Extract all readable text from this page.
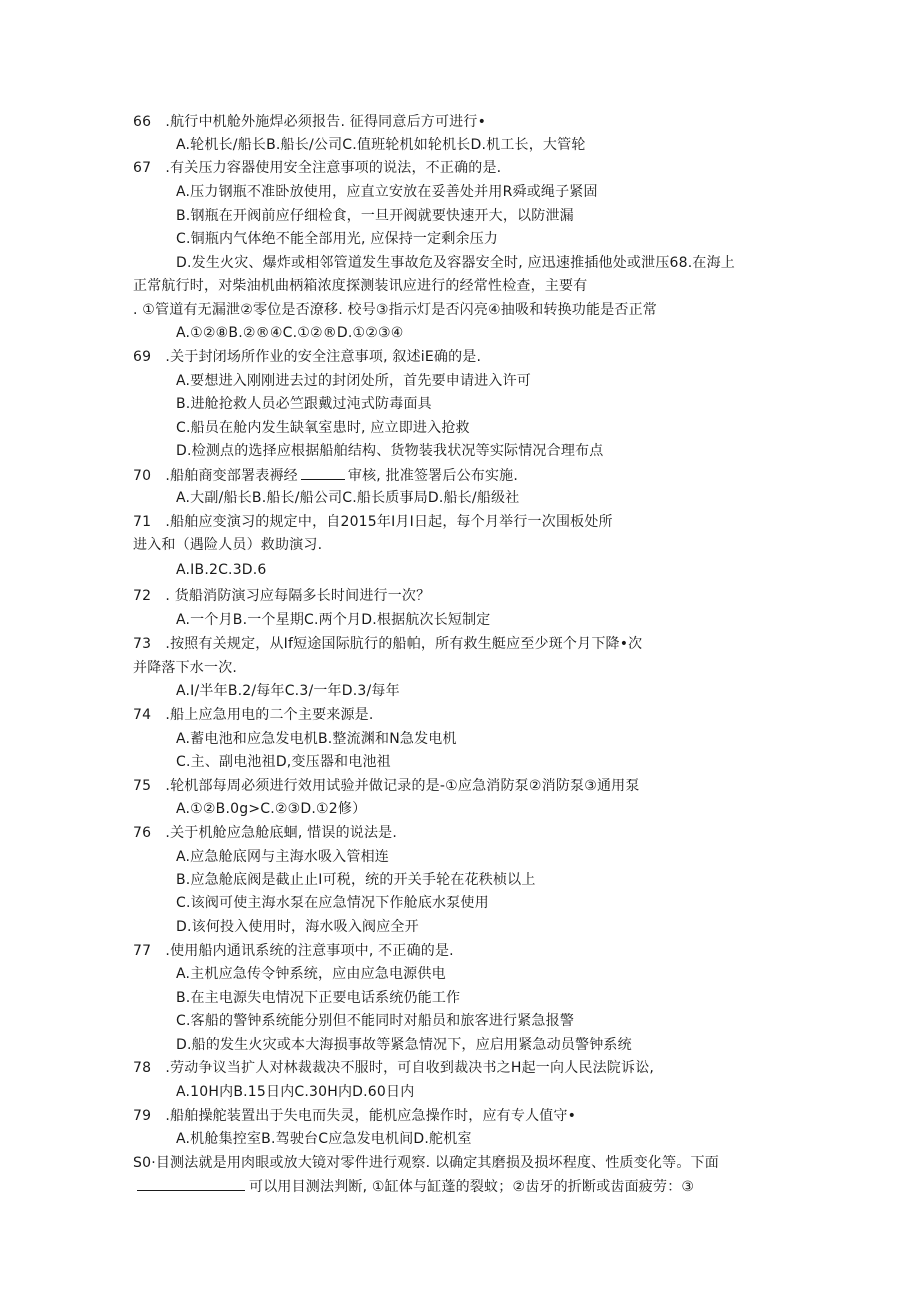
66　.航行中机舱外施焊必须报告. 征得同意后方可进行•
A.轮机长/船长B.船长/公司C.值班轮机如轮机长D.机工长，大管轮
67　.有关压力容器使用安全注意事项的说法，不正确的是.
A.压力钢瓶不准卧放使用，应直立安放在妥善处并用R舜或绳子紧固
B.钢瓶在开阀前应仔细检食，一旦开阀就要快速开大，以防泄漏
C.铜瓶内气体绝不能全部用光, 应保持一定剩余压力
D.发生火灾、爆炸或相邻管道发生事故危及容器安全时, 应迅速推插他处或泄压68.在海上
正常航行时，对柴油机曲柄箱浓度探测装讯应进行的经常性检查，主要有
. ①管道有无漏泄②零位是否潦移. 校号③指示灯是否闪亮④抽吸和转换功能是否正常
A.①②⑧B.②®④C.①②®D.①②③④
69　.关于封闭场所作业的安全注意事项, 叙述iE确的是.
A.要想进入刚刚进去过的封闭处所，首先要申请进入许可
B.进舱抢救人员必竺跟戴过沌式防毒面具
C.船员在舱内发生缺氧室患时, 应立即进入抢救
D.检测点的选择应根据船舶结构、货物装我状况等实际情况合理布点
70　.船舶商变部署表褥经	审核, 批准签署后公布实施.
A.大副/船长B.船长/船公司C.船长质事局D.船长/船级社
71　.船舶应变演习的规定中，自2015年I月I日起，每个月举行一次围板处所
进入和（遇险人员）救助演习.
A.IB.2C.3D.6
72　. 货船消防演习应每隔多长时间进行一次？
A.一个月B.一个星期C.两个月D.根据航次长短制定
73　.按照有关规定，从If短途国际肮行的船帕，所有救生艇应至少斑个月下降•次
并降落下水一次.
A.I/半年B.2/每年C.3/一年D.3/每年
74　.船上应急用电的二个主要来源是.
A.蓄电池和应急发电机B.整流渊和N急发电机
C.主、副电池祖D,变压器和电池祖
75　.轮机部每周必须进行效用试验并做记录的是-①应急消防泵②消防泵③通用泵
A.①②B.0g>C.②③D.①2修）
76　.关于机舱应急舱底蛔, 惜误的说法是.
A.应急舱底网与主海水吸入管相连
B.应急舱底阀是截止止I可税，统的开关手轮在花秩桢以上
C.该阀可使主海水泵在应急情况下作舱底水泵使用
D.该何投入使用时，海水吸入阀应全开
77　.使用船内通讯系统的注意事项中, 不正确的是.
A.主机应急传令钟系统，应由应急电源供电
B.在主电源失电情况下正要电话系统仍能工作
C.客船的警钟系统能分别但不能同时对船员和旅客进行紧急报警
D.船的发生火灾或本大海损事故等紧急情况下，应启用紧急动员警钟系统
78　.劳动争议当扩人对林裁裁决不服时，可自收到裁决书之H起一向人民法院诉讼,
A.10H内B.15日内C.30H内D.60日内
79　.船舶操舵装置出于失电而失灵，能机应急操作时，应有专人值守•
A.机舱集控室B.驾驶台C应急发电机间D.舵机室
S0·目测法就是用肉眼或放大镜对零件进行观察. 以确定其磨损及损坏程度、性质变化等。下面
可以用目测法判断, ①缸体与缸蓬的裂蚊；②齿牙的折断或齿面疲劳：③
